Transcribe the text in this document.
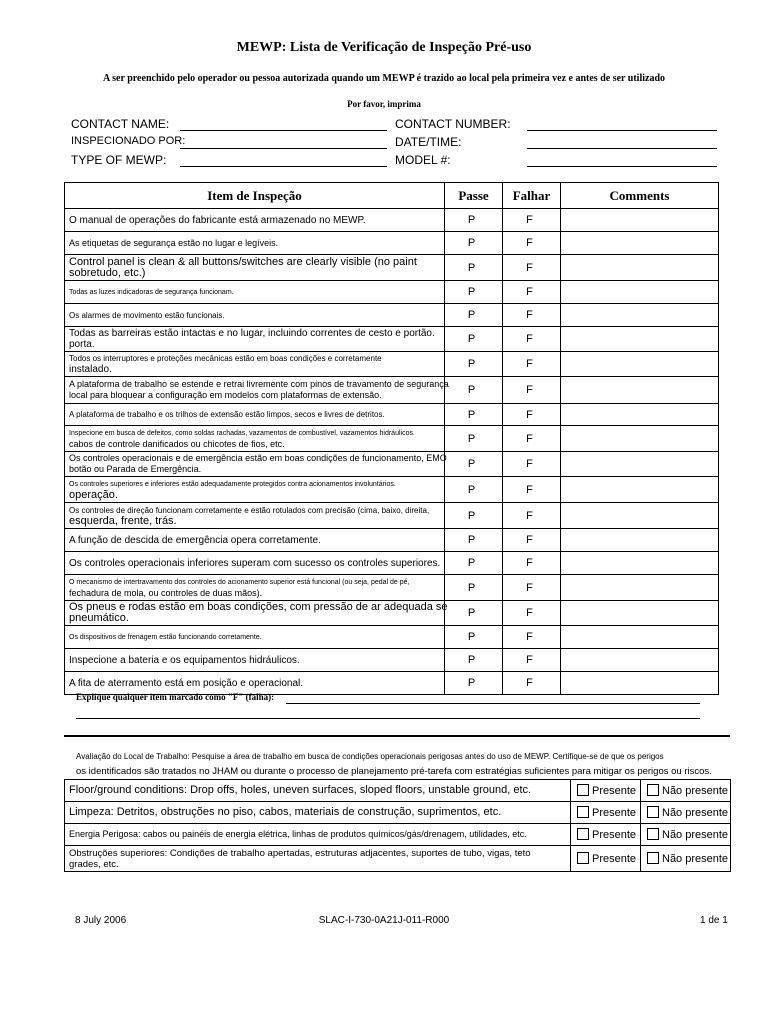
MEWP: Lista de Verificação de Inspeção Pré-uso
A ser preenchido pelo operador ou pessoa autorizada quando um MEWP é trazido ao local pela primeira vez e antes de ser utilizado
Por favor, imprima
CONTACT NAME:	CONTACT NUMBER:
INSPECIONADO POR:	DATE/TIME:
TYPE OF MEWP:	MODEL #:
Item de Inspeção	Passe	Falhar	Comments

O manual de operações do fabricante está armazenado no MEWP.	P	F	

As etiquetas de segurança estão no lugar e legíveis.	P	F	

Control panel is clean & all buttons/switches are clearly visible (no paint
sobretudo, etc.)	P	F	

Todas as luzes indicadoras de segurança funcionam.	P	F	

Os alarmes de movimento estão funcionais.	P	F	

Todas as barreiras estão intactas e no lugar, incluindo correntes de cesto e portão.
porta.	P	F	

Todos os interruptores e proteções mecânicas estão em boas condições e corretamente
instalado.	P	F	

A plataforma de trabalho se estende e retrai livremente com pinos de travamento de segurança
local para bloquear a configuração em modelos com plataformas de extensão.	P	F	

A plataforma de trabalho e os trilhos de extensão estão limpos, secos e livres de detritos.	P	F	

Inspecione em busca de defeitos, como soldas rachadas, vazamentos de combustível, vazamentos hidráulicos.
cabos de controle danificados ou chicotes de fios, etc.	P	F	

Os controles operacionais e de emergência estão em boas condições de funcionamento, EMO
botão ou Parada de Emergência.	P	F	

Os controles superiores e inferiores estão adequadamente protegidos contra acionamentos involuntários.
operação.	P	F	

Os controles de direção funcionam corretamente e estão rotulados com precisão (cima, baixo, direita,
esquerda, frente, trás.	P	F	

A função de descida de emergência opera corretamente.	P	F	

Os controles operacionais inferiores superam com sucesso os controles superiores.	P	F	

O mecanismo de intertravamento dos controles do acionamento superior está funcional (ou seja, pedal de pé,
fechadura de mola, ou controles de duas mãos).	P	F	

Os pneus e rodas estão em boas condições, com pressão de ar adequada se
pneumático.	P	F	

Os dispositivos de frenagem estão funcionando corretamente.	P	F	

Inspecione a bateria e os equipamentos hidráulicos.	P	F	

A fita de aterramento está em posição e operacional.	P	F	
Explique qualquer item marcado como "F" (falha):
Avaliação do Local de Trabalho: Pesquise a área de trabalho em busca de condições operacionais perigosas antes do uso de MEWP. Certifique-se de que os perigos
os identificados são tratados no JHAM ou durante o processo de planejamento pré-tarefa com estratégias suficientes para mitigar os perigos ou riscos.
Floor/ground conditions: Drop offs, holes, uneven surfaces, sloped floors, unstable ground, etc.	Presente	Não presente

Limpeza: Detritos, obstruções no piso, cabos, materiais de construção, suprimentos, etc.	Presente	Não presente

Energia Perigosa: cabos ou painéis de energia elétrica, linhas de produtos químicos/gás/drenagem, utilidades, etc.	Presente	Não presente

Obstruções superiores: Condições de trabalho apertadas, estruturas adjacentes, suportes de tubo, vigas, teto
grades, etc.	Presente	Não presente
8 July 2006	SLAC-I-730-0A21J-011-R000	1 de 1
